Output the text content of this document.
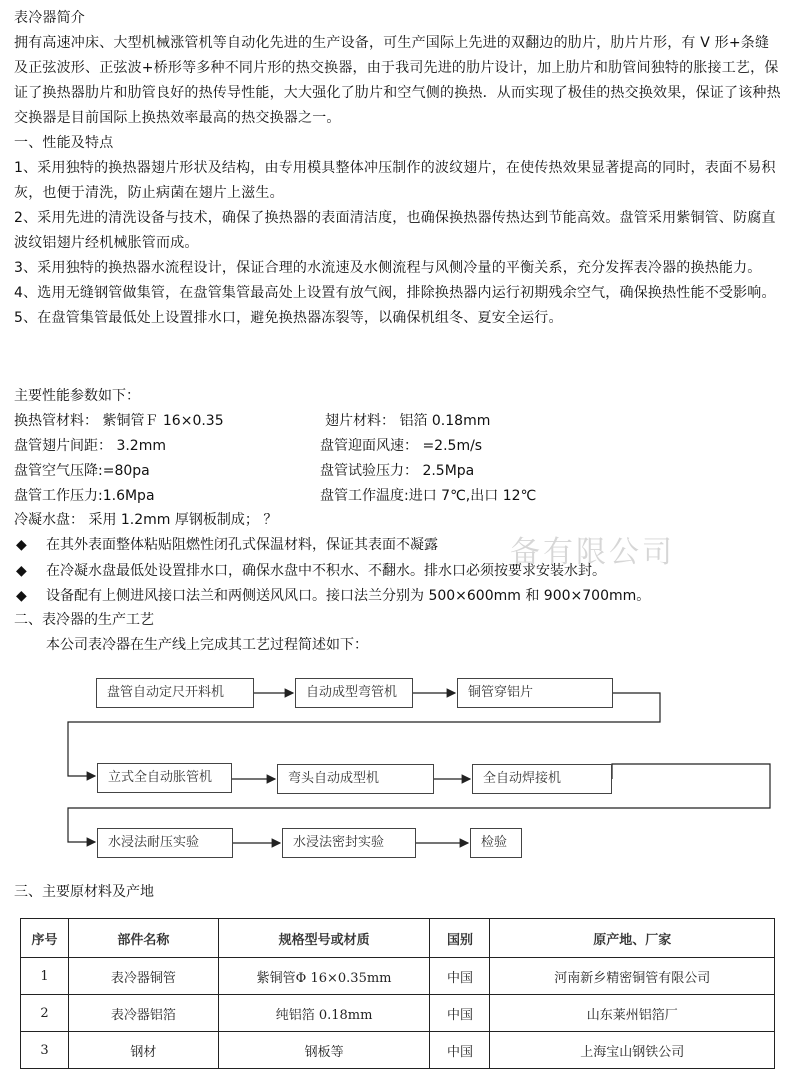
备有限公司

表冷器简介

拥有高速冲床、大型机械涨管机等自动化先进的生产设备，可生产国际上先进的双翻边的肋片，肋片片形，有 V 形+条缝及正弦波形、正弦波+桥形等多种不同片形的热交换器，由于我司先进的肋片设计，加上肋片和肋管间独特的胀接工艺，保证了换热器肋片和肋管良好的热传导性能，大大强化了肋片和空气侧的换热．从而实现了极佳的热交换效果，保证了该种热交换器是目前国际上换热效率最高的热交换器之一。

一、性能及特点

1、采用独特的换热器翅片形状及结构，由专用模具整体冲压制作的波纹翅片，在使传热效果显著提高的同时，表面不易积灰，也便于清洗，防止病菌在翅片上滋生。

2、采用先进的清洗设备与技术，确保了换热器的表面清洁度，也确保换热器传热达到节能高效。盘管采用紫铜管、防腐直波纹铝翅片经机械胀管而成。

3、采用独特的换热器水流程设计，保证合理的水流速及水侧流程与风侧冷量的平衡关系，充分发挥表冷器的换热能力。

4、选用无缝钢管做集管，在盘管集管最高处上设置有放气阀，排除换热器内运行初期残余空气，确保换热性能不受影响。

5、在盘管集管最低处上设置排水口，避免换热器冻裂等，以确保机组冬、夏安全运行。

主要性能参数如下：
换热管材料： 紫铜管Ｆ 16×0.35	翅片材料： 铝箔 0.18mm
盘管翅片间距： 3.2mm	盘管迎面风速： =2.5m/s
盘管空气压降:=80pa	盘管试验压力： 2.5Mpa
盘管工作压力:1.6Mpa	盘管工作温度:进口 7℃,出口 12℃
冷凝水盘： 采用 1.2mm 厚钢板制成； ？
◆ 在其外表面整体粘贴阻燃性闭孔式保温材料，保证其表面不凝露
◆ 在冷凝水盘最低处设置排水口，确保水盘中不积水、不翻水。排水口必须按要求安装水封。
◆ 设备配有上侧进风接口法兰和两侧送风风口。接口法兰分别为 500×600mm 和 900×700mm。
二、表冷器的生产工艺
本公司表冷器在生产线上完成其工艺过程简述如下：
盘管自动定尺开料机	自动成型弯管机	铜管穿铝片
立式全自动胀管机	弯头自动成型机	全自动焊接机
水浸法耐压实验	水浸法密封实验	检验
三、主要原材料及产地
序号	部件名称	规格型号或材质	国别	原产地、厂家
1	表冷器铜管	紫铜管Φ 16×0.35mm	中国	河南新乡精密铜管有限公司
2	表冷器铝箔	纯铝箔 0.18mm	中国	山东莱州铝箔厂
3	钢材	钢板等	中国	上海宝山钢铁公司
